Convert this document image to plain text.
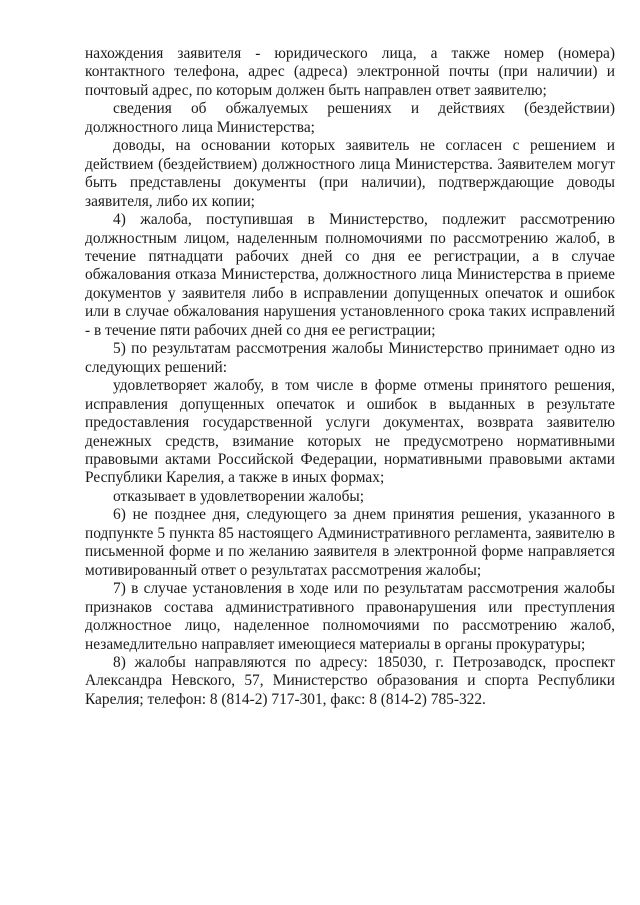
нахождения заявителя - юридического лица, а также номер (номера) контактного телефона, адрес (адреса) электронной почты (при наличии) и почтовый адрес, по которым должен быть направлен ответ заявителю;

сведения об обжалуемых решениях и действиях (бездействии) должностного лица Министерства;

доводы, на основании которых заявитель не согласен с решением и действием (бездействием) должностного лица Министерства. Заявителем могут быть представлены документы (при наличии), подтверждающие доводы заявителя, либо их копии;

4) жалоба, поступившая в Министерство, подлежит рассмотрению должностным лицом, наделенным полномочиями по рассмотрению жалоб, в течение пятнадцати рабочих дней со дня ее регистрации, а в случае обжалования отказа Министерства, должностного лица Министерства в приеме документов у заявителя либо в исправлении допущенных опечаток и ошибок или в случае обжалования нарушения установленного срока таких исправлений - в течение пяти рабочих дней со дня ее регистрации;

5) по результатам рассмотрения жалобы Министерство принимает одно из следующих решений:

удовлетворяет жалобу, в том числе в форме отмены принятого решения, исправления допущенных опечаток и ошибок в выданных в результате предоставления государственной услуги документах, возврата заявителю денежных средств, взимание которых не предусмотрено нормативными правовыми актами Российской Федерации, нормативными правовыми актами Республики Карелия, а также в иных формах;

отказывает в удовлетворении жалобы;

6) не позднее дня, следующего за днем принятия решения, указанного в подпункте 5 пункта 85 настоящего Административного регламента, заявителю в письменной форме и по желанию заявителя в электронной форме направляется мотивированный ответ о результатах рассмотрения жалобы;

7) в случае установления в ходе или по результатам рассмотрения жалобы признаков состава административного правонарушения или преступления должностное лицо, наделенное полномочиями по рассмотрению жалоб, незамедлительно направляет имеющиеся материалы в органы прокуратуры;

8) жалобы направляются по адресу: 185030, г. Петрозаводск, проспект Александра Невского, 57, Министерство образования и спорта Республики Карелия; телефон: 8 (814-2) 717-301, факс: 8 (814-2) 785-322.
